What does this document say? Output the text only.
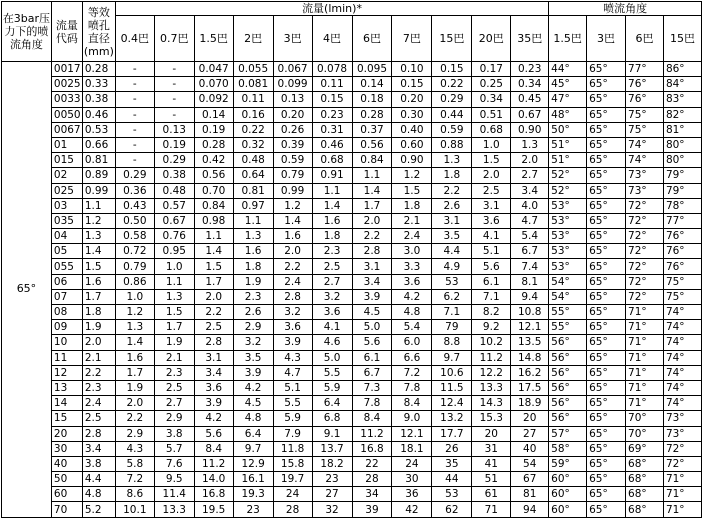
在3bar压力下的喷流角度	流量代码	等效喷孔直径(mm)	流量(lmin)*											喷流角度			
			0.4巴	0.7巴	1.5巴	2巴	3巴	4巴	6巴	7巴	15巴	20巴	35巴	1.5巴	3巴	6巴	15巴
65°	0017	0.28	-	-	0.047	0.055	0.067	0.078	0.095	0.10	0.15	0.17	0.23	44°	65°	77°	86°
	0025	0.33	-	-	0.070	0.081	0.099	0.11	0.14	0.15	0.22	0.25	0.34	45°	65°	76°	84°
	0033	0.38	-	-	0.092	0.11	0.13	0.15	0.18	0.20	0.29	0.34	0.45	47°	65°	76°	83°
	0050	0.46	-	-	0.14	0.16	0.20	0.23	0.28	0.30	0.44	0.51	0.67	48°	65°	75°	82°
	0067	0.53	-	0.13	0.19	0.22	0.26	0.31	0.37	0.40	0.59	0.68	0.90	50°	65°	75°	81°
	01	0.66	-	0.19	0.28	0.32	0.39	0.46	0.56	0.60	0.88	1.0	1.3	51°	65°	74°	80°
	015	0.81	-	0.29	0.42	0.48	0.59	0.68	0.84	0.90	1.3	1.5	2.0	51°	65°	74°	80°
	02	0.89	0.29	0.38	0.56	0.64	0.79	0.91	1.1	1.2	1.8	2.0	2.7	52°	65°	73°	79°
	025	0.99	0.36	0.48	0.70	0.81	0.99	1.1	1.4	1.5	2.2	2.5	3.4	52°	65°	73°	79°
	03	1.1	0.43	0.57	0.84	0.97	1.2	1.4	1.7	1.8	2.6	3.1	4.0	53°	65°	72°	78°
	035	1.2	0.50	0.67	0.98	1.1	1.4	1.6	2.0	2.1	3.1	3.6	4.7	53°	65°	72°	77°
	04	1.3	0.58	0.76	1.1	1.3	1.6	1.8	2.2	2.4	3.5	4.1	5.4	53°	65°	72°	76°
	05	1.4	0.72	0.95	1.4	1.6	2.0	2.3	2.8	3.0	4.4	5.1	6.7	53°	65°	72°	76°
	055	1.5	0.79	1.0	1.5	1.8	2.2	2.5	3.1	3.3	4.9	5.6	7.4	53°	65°	72°	76°
	06	1.6	0.86	1.1	1.7	1.9	2.4	2.7	3.4	3.6	53	6.1	8.1	54°	65°	72°	75°
	07	1.7	1.0	1.3	2.0	2.3	2.8	3.2	3.9	4.2	6.2	7.1	9.4	54°	65°	72°	75°
	08	1.8	1.2	1.5	2.2	2.6	3.2	3.6	4.5	4.8	7.1	8.2	10.8	55°	65°	71°	74°
	09	1.9	1.3	1.7	2.5	2.9	3.6	4.1	5.0	5.4	79	9.2	12.1	55°	65°	71°	74°
	10	2.0	1.4	1.9	2.8	3.2	3.9	4.6	5.6	6.0	8.8	10.2	13.5	56°	65°	71°	74°
	11	2.1	1.6	2.1	3.1	3.5	4.3	5.0	6.1	6.6	9.7	11.2	14.8	56°	65°	71°	74°
	12	2.2	1.7	2.3	3.4	3.9	4.7	5.5	6.7	7.2	10.6	12.2	16.2	56°	65°	71°	74°
	13	2.3	1.9	2.5	3.6	4.2	5.1	5.9	7.3	7.8	11.5	13.3	17.5	56°	65°	71°	74°
	14	2.4	2.0	2.7	3.9	4.5	5.5	6.4	7.8	8.4	12.4	14.3	18.9	56°	65°	71°	74°
	15	2.5	2.2	2.9	4.2	4.8	5.9	6.8	8.4	9.0	13.2	15.3	20	56°	65°	70°	73°
	20	2.8	2.9	3.8	5.6	6.4	7.9	9.1	11.2	12.1	17.7	20	27	57°	65°	70°	73°
	30	3.4	4.3	5.7	8.4	9.7	11.8	13.7	16.8	18.1	26	31	40	58°	65°	69°	72°
	40	3.8	5.8	7.6	11.2	12.9	15.8	18.2	22	24	35	41	54	59°	65°	68°	72°
	50	4.4	7.2	9.5	14.0	16.1	19.7	23	28	30	44	51	67	60°	65°	68°	71°
	60	4.8	8.6	11.4	16.8	19.3	24	27	34	36	53	61	81	60°	65°	68°	71°
	70	5.2	10.1	13.3	19.5	23	28	32	39	42	62	71	94	60°	65°	68°	71°
